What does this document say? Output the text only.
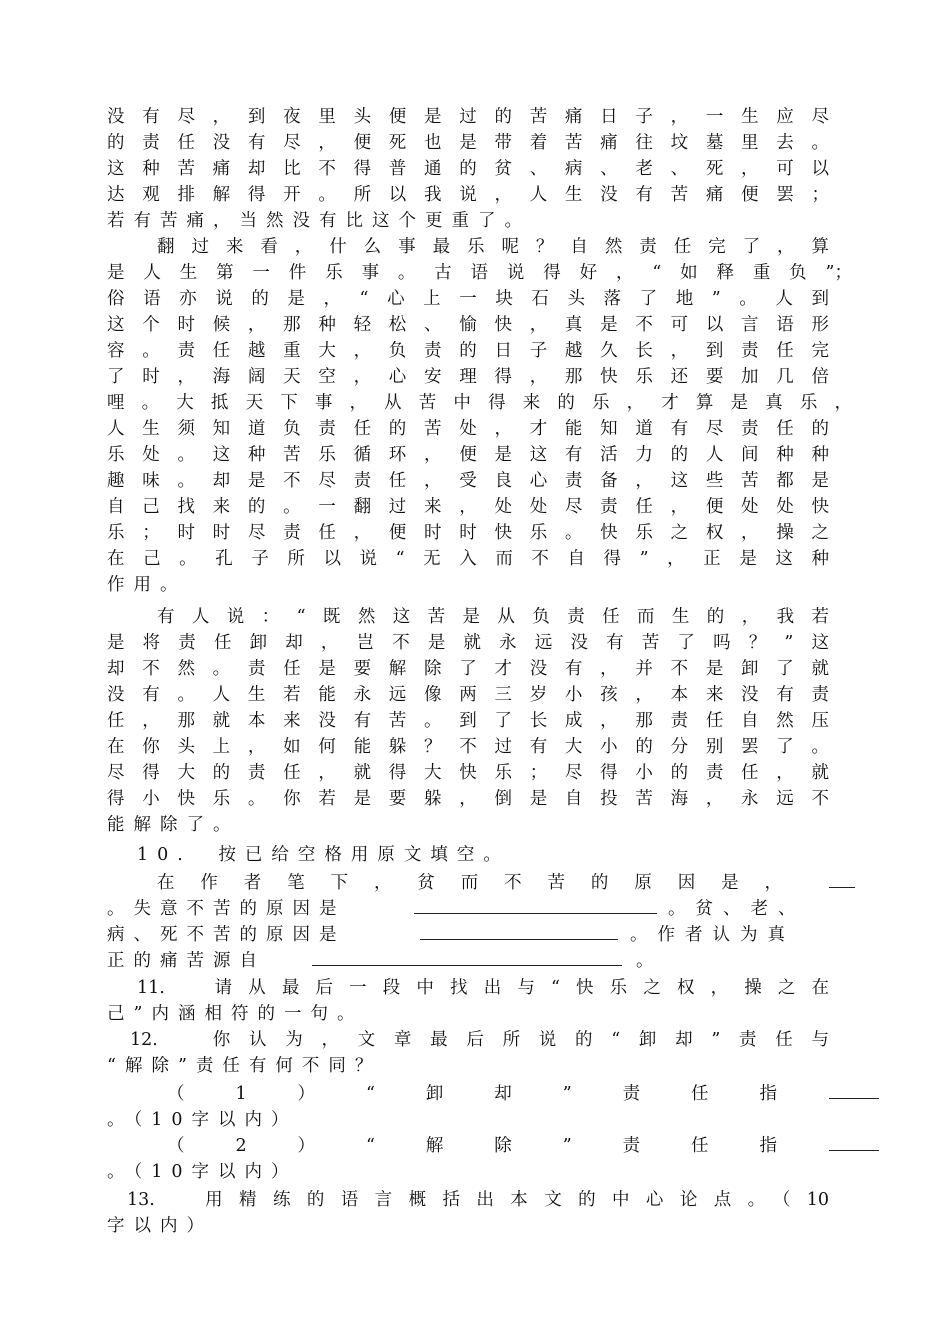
没有尽，到夜里头便是过的苦痛日子，一生应尽
的责任没有尽，便死也是带着苦痛往坟墓里去。
这种苦痛却比不得普通的贫、病、老、死，可以
达观排解得开。所以我说，人生没有苦痛便罢；
若有苦痛，当然没有比这个更重了。
翻过来看，什么事最乐呢？自然责任完了，算
是人生第一件乐事。古语说得好，“如释重负”；
俗语亦说的是，“心上一块石头落了地”。人到
这个时候，那种轻松、愉快，真是不可以言语形
容。责任越重大，负责的日子越久长，到责任完
了时，海阔天空，心安理得，那快乐还要加几倍
哩。大抵天下事，从苦中得来的乐，才算是真乐，
人生须知道负责任的苦处，才能知道有尽责任的
乐处。这种苦乐循环，便是这有活力的人间种种
趣味。却是不尽责任，受良心责备，这些苦都是
自己找来的。一翻过来，处处尽责任，便处处快
乐；时时尽责任，便时时快乐。快乐之权，操之
在己。孔子所以说“无入而不自得”，正是这种
作用。
有人说：“既然这苦是从负责任而生的，我若
是将责任卸却，岂不是就永远没有苦了吗？”这
却不然。责任是要解除了才没有，并不是卸了就
没有。人生若能永远像两三岁小孩，本来没有责
任，那就本来没有苦。到了长成，那责任自然压
在你头上，如何能躲？不过有大小的分别罢了。
尽得大的责任，就得大快乐；尽得小的责任，就
得小快乐。你若是要躲，倒是自投苦海，永远不
能解除了。
10.　按已给空格用原文填空。
在作者笔下，贫而不苦的原因是，
。失意不苦的原因是	。贫、老、
病、死不苦的原因是	。作者认为真
正的痛苦源自	。
11.　请从最后一段中找出与“快乐之权，操之在
己”内涵相符的一句。
12.　你认为，文章最后所说的“卸却”责任与
“解除”责任有何不同？
（1）“卸却”责任指
。（10字以内）
（2）“解除”责任指
。（10字以内）
13.　用精练的语言概括出本文的中心论点。（10
字以内）
